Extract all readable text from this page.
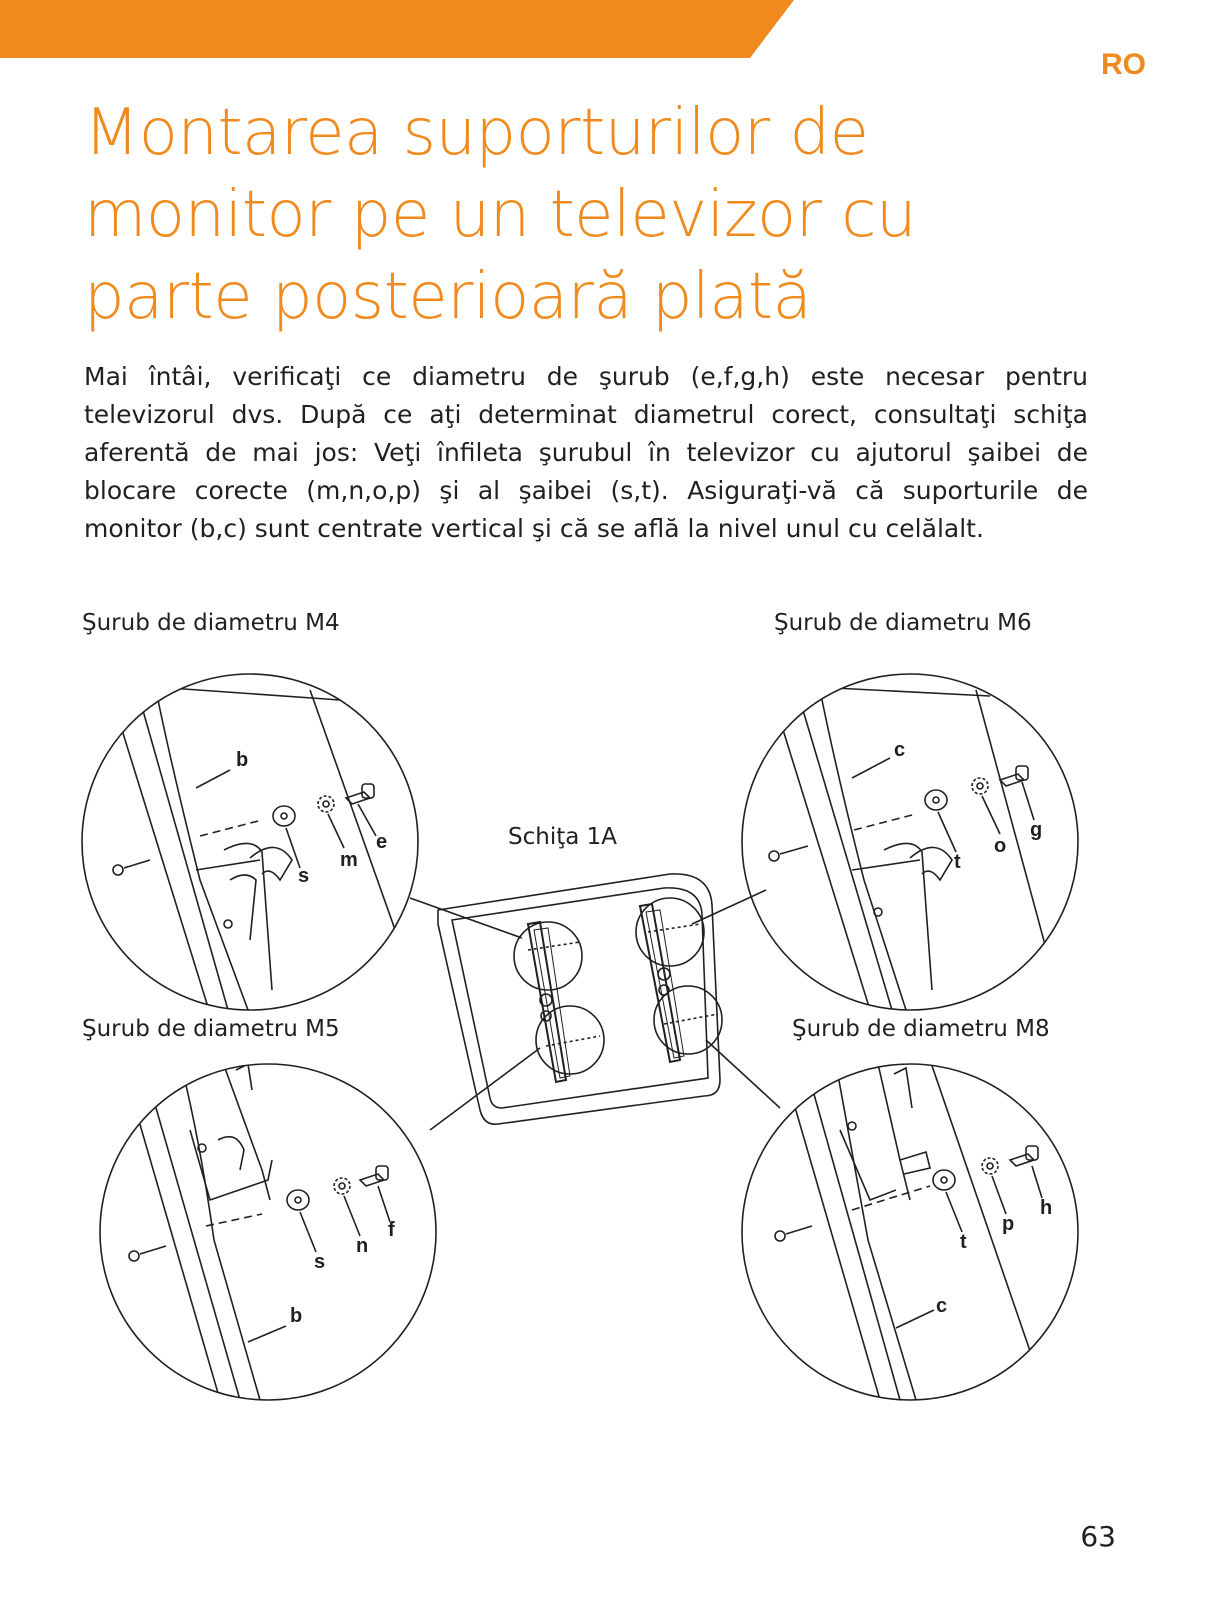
RO
Montarea suporturilor de
monitor pe un televizor cu
parte posterioară plată

Mai întâi, verificaţi ce diametru de şurub (e,f,g,h) este necesar pentru televizorul dvs. După ce aţi determinat diametrul corect, consultaţi schiţa aferentă de mai jos: Veţi înfileta şurubul în televizor cu ajutorul şaibei de blocare corecte (m,n,o,p) şi al şaibei (s,t). Asiguraţi-vă că suporturile de monitor (b,c) sunt centrate vertical şi că se află la nivel unul cu celălalt.

Şurub de diametru M4	Şurub de diametru M6
Şurub de diametru M5	Şurub de diametru M8
Schiţa 1A
b
e
m
s
c
g
o
t
f
n
s
b
h
p
t
c
63
